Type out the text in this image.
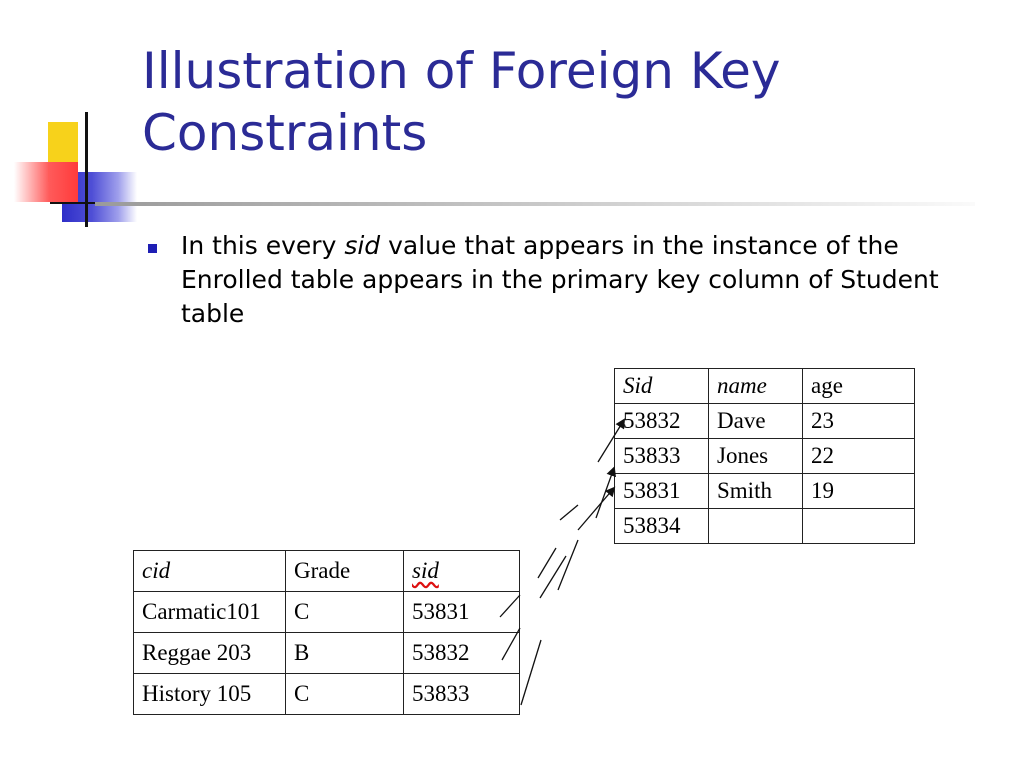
Illustration of Foreign Key Constraints
In this every sid value that appears in the instance of the Enrolled table appears in the primary key column of Student table
Sid	name	age
53832	Dave	23
53833	Jones	22
53831	Smith	19
53834		
cid	Grade	sid
Carmatic101	C	53831
Reggae 203	B	53832
History 105	C	53833
